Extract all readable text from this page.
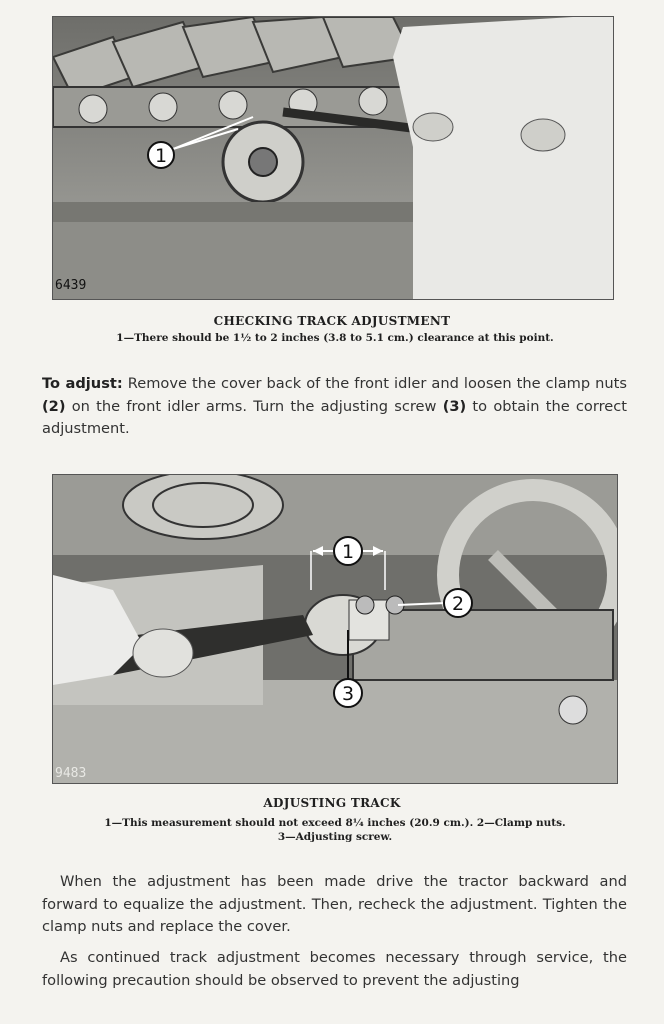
1
6439
CHECKING TRACK ADJUSTMENT
1—There should be 1½ to 2 inches (3.8 to 5.1 cm.) clearance at this point.
To adjust: Remove the cover back of the front idler and loosen the clamp nuts (2) on the front idler arms. Turn the adjusting screw (3) to obtain the correct adjustment.
1
2
3
9483
ADJUSTING TRACK
1—This measurement should not exceed 8¼ inches (20.9 cm.). 2—Clamp nuts.
3—Adjusting screw.
When the adjustment has been made drive the tractor backward and forward to equalize the adjustment. Then, recheck the adjustment. Tighten the clamp nuts and replace the cover.
As continued track adjustment becomes necessary through service, the following precaution should be observed to prevent the adjusting
